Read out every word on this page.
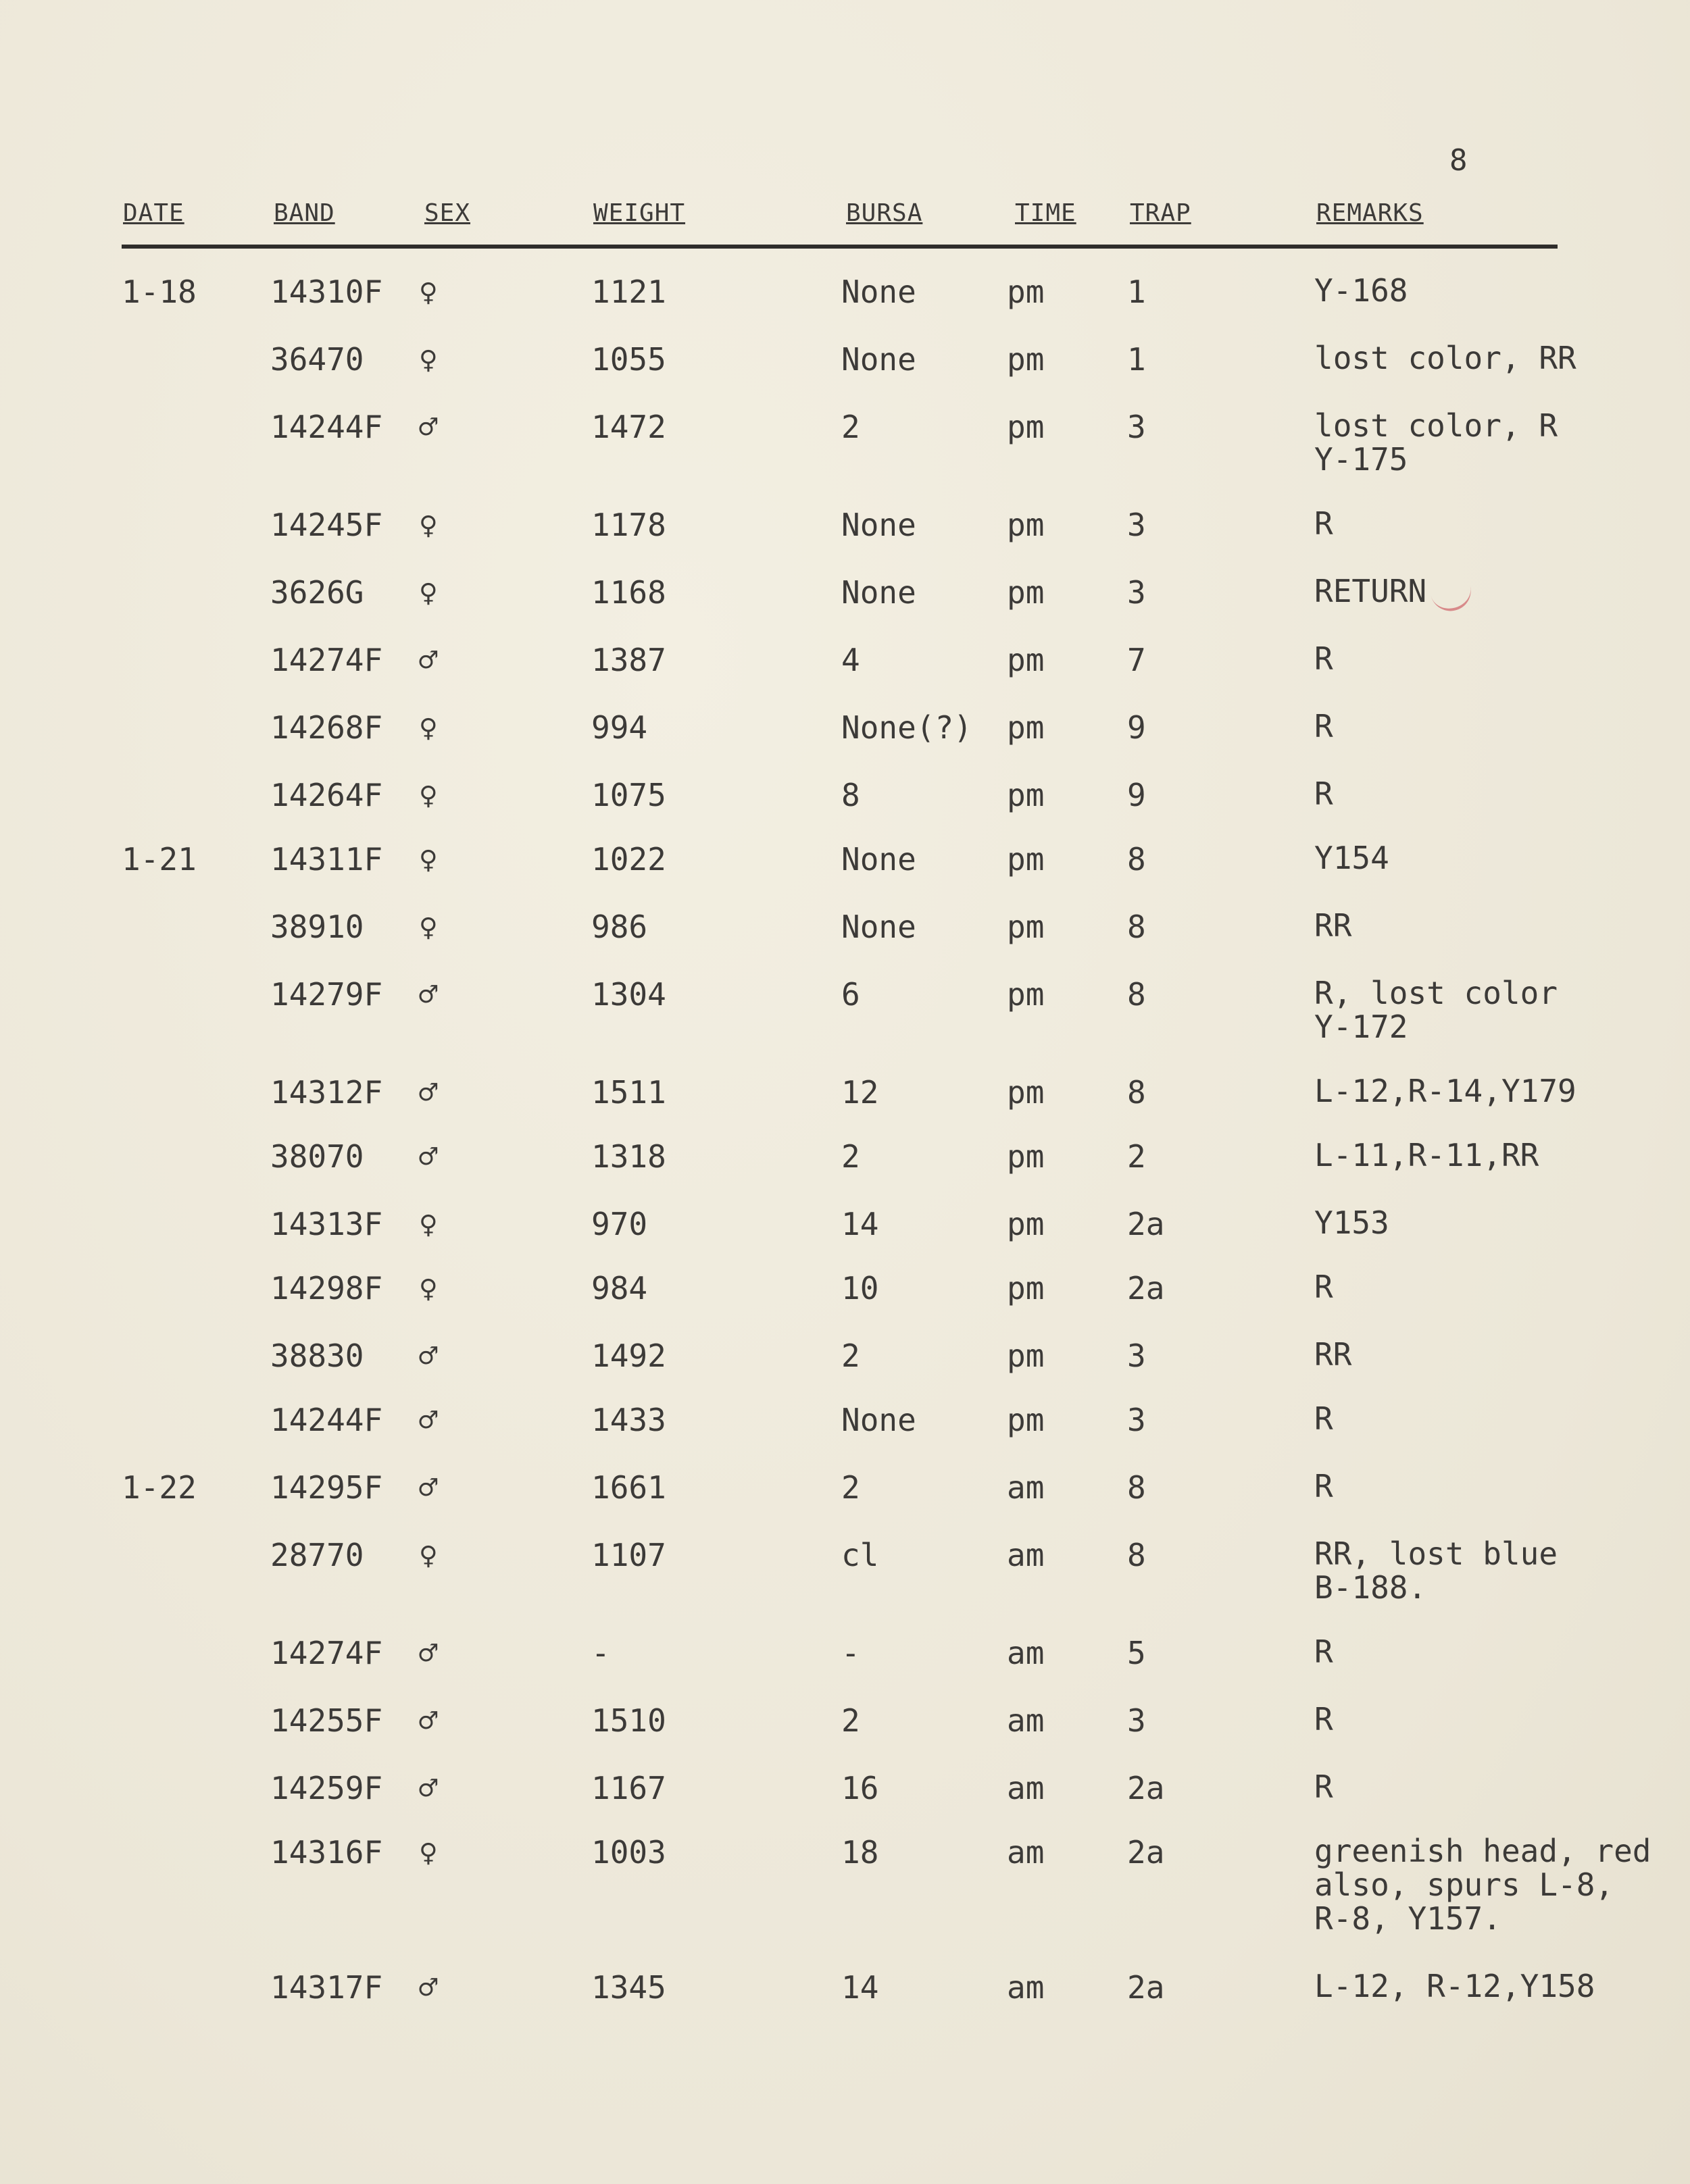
8
DATE	BAND	SEX	WEIGHT	BURSA	TIME TRAP	REMARKS
1-18 14310F ♀	1121	None	pm	1	Y-168
36470 ♀	1055	None	pm	1	lost color, RR
14244F ♂	1472	2	pm	3	lost color, R
Y-175
14245F ♀	1178	None	pm	3	R
3626G ♀	1168	None	pm	3	RETURN
14274F ♂	1387	4	pm	7	R
14268F ♀	994	None(?) pm	9	R
14264F ♀	1075	8	pm	9	R
1-21 14311F ♀	1022	None	pm	8	Y154
38910 ♀	986	None	pm	8	RR
14279F ♂	1304	6	pm	8	R, lost color
Y-172
14312F ♂	1511	12	pm	8	L-12,R-14,Y179
38070 ♂	1318	2	pm	2	L-11,R-11,RR
14313F ♀	970	14	pm	2a	Y153
14298F ♀	984	10	pm	2a	R
38830 ♂	1492	2	pm	3	RR
14244F ♂	1433	None	pm	3	R
1-22 14295F ♂	1661	2	am	8	R
28770 ♀	1107	cl	am	8	RR, lost blue
B-188.
14274F ♂	-	-	am	5	R
14255F ♂	1510	2	am	3	R
14259F ♂	1167	16	am	2a	R
14316F ♀	1003	18	am	2a	greenish head, red
also, spurs L-8,
R-8, Y157.
14317F ♂	1345	14	am	2a	L-12, R-12,Y158
